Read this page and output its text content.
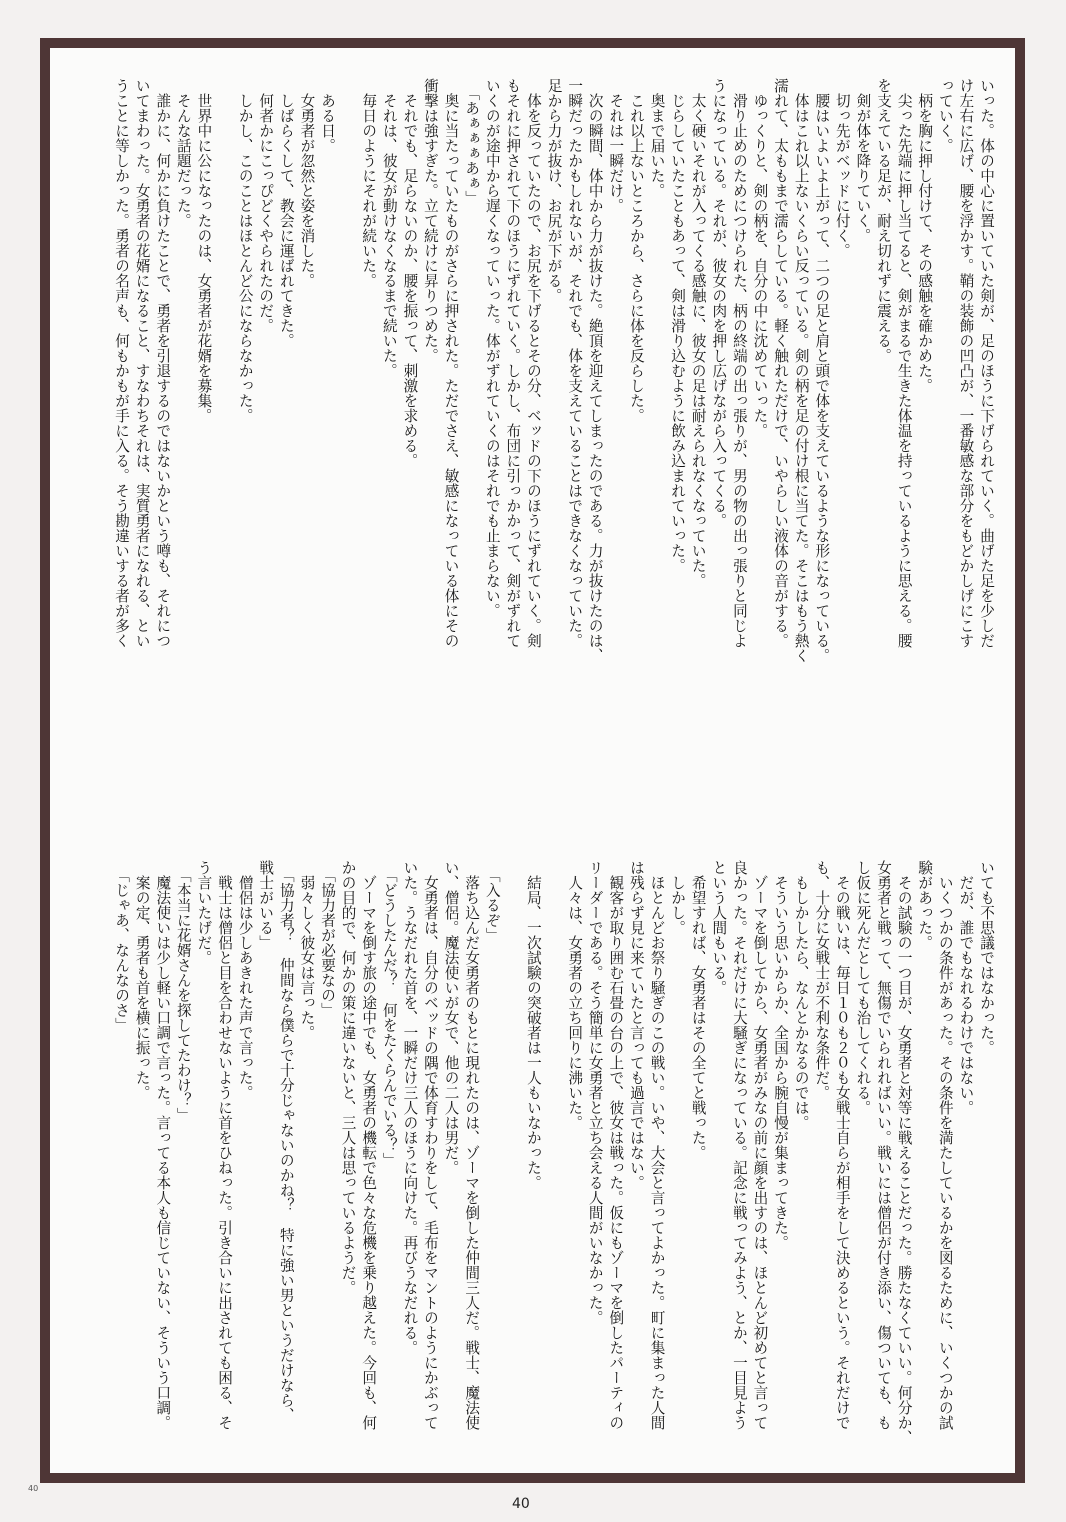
いった。体の中心に置いていた剣が、足のほうに下げられていく。曲げた足を少しだ

け左右に広げ、腰を浮かす。鞘の装飾の凹凸が、一番敏感な部分をもどかしげにこす

っていく。

　柄を胸に押し付けて、その感触を確かめた。

　尖った先端に押し当てると、剣がまるで生きた体温を持っているように思える。腰

を支えている足が、耐え切れずに震える。

　剣が体を降りていく。

　切っ先がベッドに付く。

　腰はいよいよ上がって、二つの足と肩と頭で体を支えているような形になっている。

　体はこれ以上ないくらい反っている。剣の柄を足の付け根に当てた。そこはもう熱く

濡れて、太ももまで濡らしている。軽く触れただけで、いやらしい液体の音がする。

　ゆっくりと、剣の柄を、自分の中に沈めていった。

　滑り止めのためにつけられた、柄の終端の出っ張りが、男の物の出っ張りと同じよ

うになっている。それが、彼女の肉を押し広げながら入ってくる。

　太く硬いそれが入ってくる感触に、彼女の足は耐えられなくなっていた。

　じらしていたこともあって、剣は滑り込むように飲み込まれていった。

　奥まで届いた。

　これ以上ないところから、さらに体を反らした。

　それは一瞬だけ。

　次の瞬間、体中から力が抜けた。絶頂を迎えてしまったのである。力が抜けたのは、

一瞬だったかもしれないが、それでも、体を支えていることはできなくなっていた。

足から力が抜け、お尻が下がる。

　体を反っていたので、お尻を下げるとその分、ベッドの下のほうにずれていく。剣

もそれに押されて下のほうにずれていく。しかし、布団に引っかかって、剣がずれて

いくのが途中から遅くなっていった。体がずれていくのはそれでも止まらない。

　「あぁぁぁあぁ」

　奥に当たっていたものがさらに押された。ただでさえ、敏感になっている体にその

衝撃は強すぎた。立て続けに昇りつめた。

　それでも、足らないのか、腰を振って、刺激を求める。

　それは、彼女が動けなくなるまで続いた。

　毎日のようにそれが続いた。

　ある日。

　女勇者が忽然と姿を消した。

　しばらくして、教会に運ばれてきた。

　何者かにこっぴどくやられたのだ。

　しかし、このことはほとんど公にならなかった。

　世界中に公になったのは、女勇者が花婿を募集。

　そんな話題だった。

　誰かに、何かに負けたことで、勇者を引退するのではないかという噂も、それにつ

いてまわった。女勇者の花婿になること、すなわちそれは、実質勇者になれる、とい

うことに等しかった。勇者の名声も、何もかもが手に入る。そう勘違いする者が多く

いても不思議ではなかった。

　だが、誰でもなれるわけではない。

　いくつかの条件があった。その条件を満たしているかを図るために、いくつかの試

験があった。

　その試験の一つ目が、女勇者と対等に戦えることだった。勝たなくていい。何分か、

女勇者と戦って、無傷でいられればいい。戦いには僧侶が付き添い、傷ついても、も

し仮に死んだとしても治してくれる。

　その戦いは、毎日１０も２０も女戦士自らが相手をして決めるという。それだけで

も、十分に女戦士が不利な条件だ。

　もしかしたら、なんとかなるのでは。

　そういう思いからか、全国から腕自慢が集まってきた。

　ゾーマを倒してから、女勇者がみなの前に顔を出すのは、ほとんど初めてと言って

良かった。それだけに大騒ぎになっている。記念に戦ってみよう、とか、一目見よう

という人間もいる。

　希望すれば、女勇者はその全てと戦った。

　しかし。

　ほとんどお祭り騒ぎのこの戦い。いや、大会と言ってよかった。町に集まった人間

は残らず見に来ていたと言っても過言ではない。

　観客が取り囲む石畳の台の上で、彼女は戦った。仮にもゾーマを倒したパーティの

リーダーである。そう簡単に女勇者と立ち会える人間がいなかった。

　人々は、女勇者の立ち回りに沸いた。

　結局、一次試験の突破者は一人もいなかった。

　「入るぞ」

　落ち込んだ女勇者のもとに現れたのは、ゾーマを倒した仲間三人だ。戦士、魔法使

い、僧侶。魔法使いが女で、他の二人は男だ。

　女勇者は、自分のベッドの隅で体育すわりをして、毛布をマントのようにかぶって

いた。うなだれた首を、一瞬だけ三人のほうに向けた。再びうなだれる。

　「どうしたんだ？　何をたくらんでいる？」

　ゾーマを倒す旅の途中でも、女勇者の機転で色々な危機を乗り越えた。今回も、何

かの目的で、何かの策に違いないと、三人は思っているようだ。

　「協力者が必要なの」

　弱々しく彼女は言った。

　「協力者？　仲間なら僕らで十分じゃないのかね？　特に強い男というだけなら、

戦士がいる」

　僧侶は少しあきれた声で言った。

　戦士は僧侶と目を合わせないように首をひねった。引き合いに出されても困る、そ

う言いたげだ。

　「本当に花婿さんを探してたわけ？」

　魔法使いは少し軽い口調で言った。言ってる本人も信じていない、そういう口調。

　案の定、勇者も首を横に振った。

　「じゃあ、なんなのさ」

40
40
